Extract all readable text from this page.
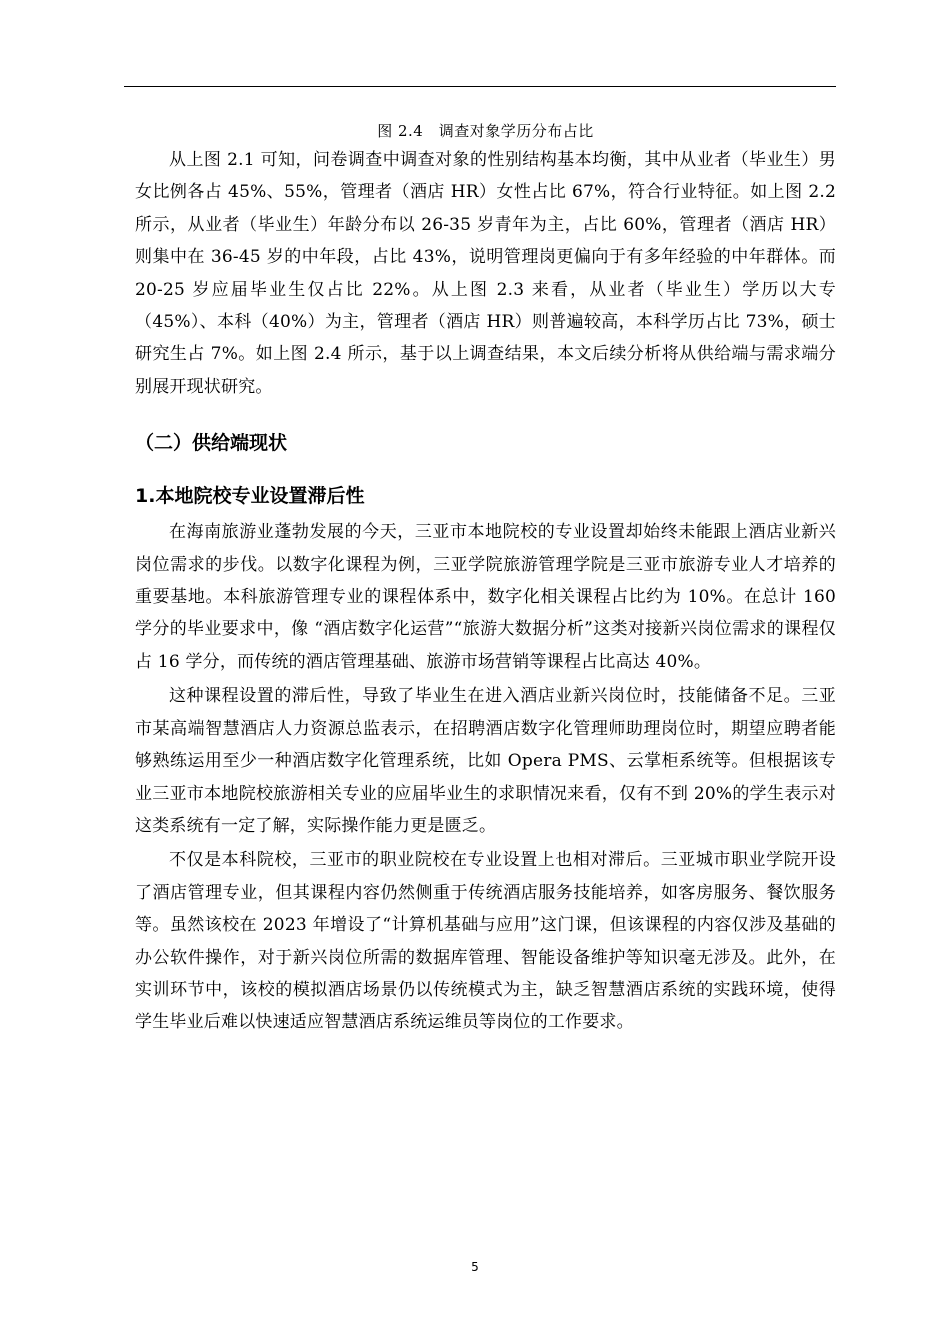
图 2.4　调查对象学历分布占比

从上图 2.1 可知，问卷调查中调查对象的性别结构基本均衡，其中从业者（毕业生）男女比例各占 45%、55%，管理者（酒店 HR）女性占比 67%，符合行业特征。如上图 2.2 所示，从业者（毕业生）年龄分布以 26-35 岁青年为主，占比 60%，管理者（酒店 HR）则集中在 36-45 岁的中年段，占比 43%，说明管理岗更偏向于有多年经验的中年群体。而 20-25 岁应届毕业生仅占比 22%。从上图 2.3 来看，从业者（毕业生）学历以大专（45%）、本科（40%）为主，管理者（酒店 HR）则普遍较高，本科学历占比 73%，硕士研究生占 7%。如上图 2.4 所示，基于以上调查结果，本文后续分析将从供给端与需求端分别展开现状研究。

（二）供给端现状
1.本地院校专业设置滞后性

在海南旅游业蓬勃发展的今天，三亚市本地院校的专业设置却始终未能跟上酒店业新兴岗位需求的步伐。以数字化课程为例，三亚学院旅游管理学院是三亚市旅游专业人才培养的重要基地。本科旅游管理专业的课程体系中，数字化相关课程占比约为 10%。在总计 160 学分的毕业要求中，像 “酒店数字化运营”“旅游大数据分析”这类对接新兴岗位需求的课程仅占 16 学分，而传统的酒店管理基础、旅游市场营销等课程占比高达 40%。

这种课程设置的滞后性，导致了毕业生在进入酒店业新兴岗位时，技能储备不足。三亚市某高端智慧酒店人力资源总监表示，在招聘酒店数字化管理师助理岗位时，期望应聘者能够熟练运用至少一种酒店数字化管理系统，比如 Opera PMS、云掌柜系统等。但根据该专业三亚市本地院校旅游相关专业的应届毕业生的求职情况来看，仅有不到 20%的学生表示对这类系统有一定了解，实际操作能力更是匮乏。

不仅是本科院校，三亚市的职业院校在专业设置上也相对滞后。三亚城市职业学院开设了酒店管理专业，但其课程内容仍然侧重于传统酒店服务技能培养，如客房服务、餐饮服务等。虽然该校在 2023 年增设了“计算机基础与应用”这门课，但该课程的内容仅涉及基础的办公软件操作，对于新兴岗位所需的数据库管理、智能设备维护等知识毫无涉及。此外，在实训环节中，该校的模拟酒店场景仍以传统模式为主，缺乏智慧酒店系统的实践环境，使得学生毕业后难以快速适应智慧酒店系统运维员等岗位的工作要求。

5
